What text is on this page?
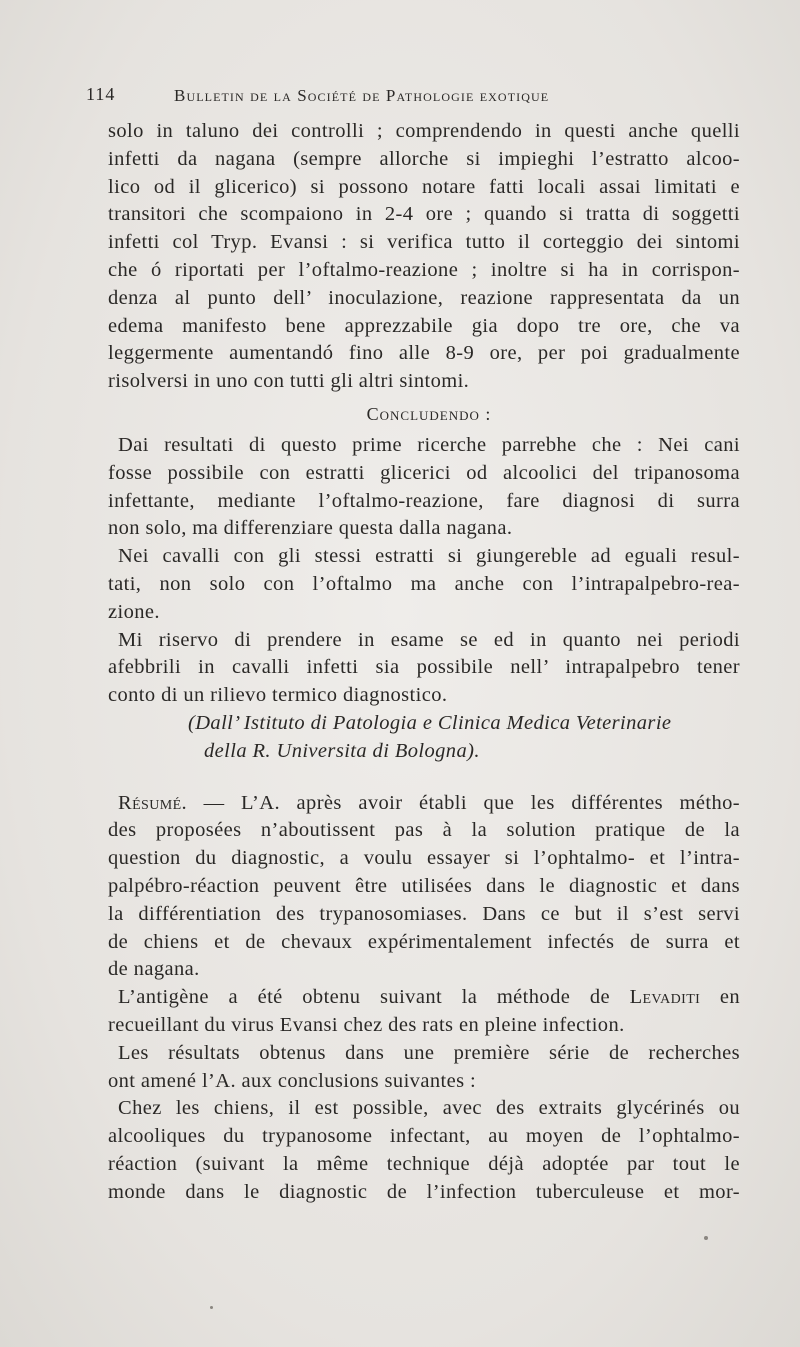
114	Bulletin de la Société de Pathologie exotique
solo in taluno dei controlli ; comprendendo in questi anche quelli
infetti da nagana (sempre allorche si impieghi l’estratto alcoo-
lico od il glicerico) si possono notare fatti locali assai limitati e
transitori che scompaiono in 2-4 ore ; quando si tratta di soggetti
infetti col Tryp. Evansi : si verifica tutto il corteggio dei sintomi
che ó riportati per l’oftalmo-reazione ; inoltre si ha in corrispon-
denza al punto dell’ inoculazione, reazione rappresentata da un
edema manifesto bene apprezzabile gia dopo tre ore, che va
leggermente aumentandó fino alle 8-9 ore, per poi gradualmente
risolversi in uno con tutti gli altri sintomi.
Concludendo :
Dai resultati di questo prime ricerche parrebhe che : Nei cani
fosse possibile con estratti glicerici od alcoolici del tripanosoma
infettante, mediante l’oftalmo-reazione, fare diagnosi di surra
non solo, ma differenziare questa dalla nagana.
Nei cavalli con gli stessi estratti si giungereble ad eguali resul-
tati, non solo con l’oftalmo ma anche con l’intrapalpebro-rea-
zione.
Mi riservo di prendere in esame se ed in quanto nei periodi
afebbrili in cavalli infetti sia possibile nell’ intrapalpebro tener
conto di un rilievo termico diagnostico.
(Dall’ Istituto di Patologia e Clinica Medica Veterinarie
della R. Universita di Bologna).
Résumé. — L’A. après avoir établi que les différentes métho-
des proposées n’aboutissent pas à la solution pratique de la
question du diagnostic, a voulu essayer si l’ophtalmo- et l’intra-
palpébro-réaction peuvent être utilisées dans le diagnostic et dans
la différentiation des trypanosomiases. Dans ce but il s’est servi
de chiens et de chevaux expérimentalement infectés de surra et
de nagana.
L’antigène a été obtenu suivant la méthode de Levaditi en
recueillant du virus Evansi chez des rats en pleine infection.
Les résultats obtenus dans une première série de recherches
ont amené l’A. aux conclusions suivantes :
Chez les chiens, il est possible, avec des extraits glycérinés ou
alcooliques du trypanosome infectant, au moyen de l’ophtalmo-
réaction (suivant la même technique déjà adoptée par tout le
monde dans le diagnostic de l’infection tuberculeuse et mor-
